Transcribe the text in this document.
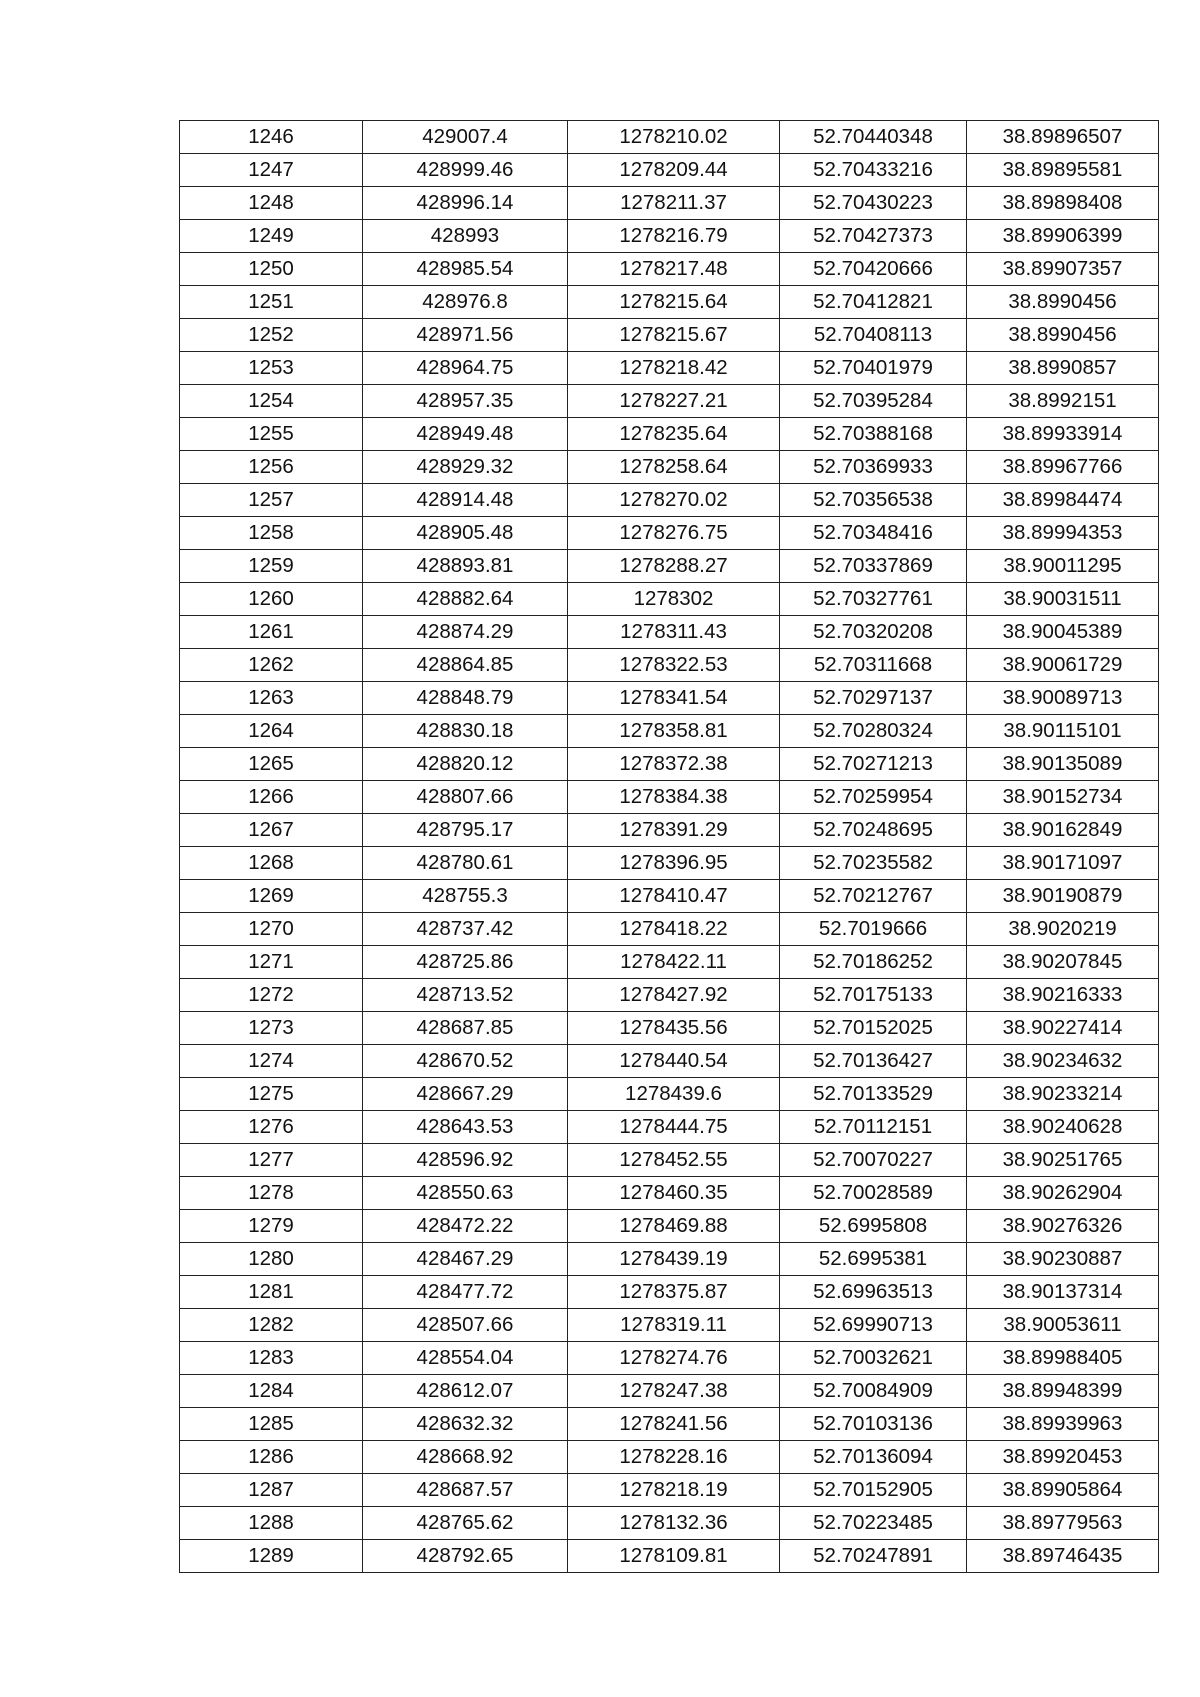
1246	429007.4	1278210.02	52.70440348	38.89896507
1247	428999.46	1278209.44	52.70433216	38.89895581
1248	428996.14	1278211.37	52.70430223	38.89898408
1249	428993	1278216.79	52.70427373	38.89906399
1250	428985.54	1278217.48	52.70420666	38.89907357
1251	428976.8	1278215.64	52.70412821	38.8990456
1252	428971.56	1278215.67	52.70408113	38.8990456
1253	428964.75	1278218.42	52.70401979	38.8990857
1254	428957.35	1278227.21	52.70395284	38.8992151
1255	428949.48	1278235.64	52.70388168	38.89933914
1256	428929.32	1278258.64	52.70369933	38.89967766
1257	428914.48	1278270.02	52.70356538	38.89984474
1258	428905.48	1278276.75	52.70348416	38.89994353
1259	428893.81	1278288.27	52.70337869	38.90011295
1260	428882.64	1278302	52.70327761	38.90031511
1261	428874.29	1278311.43	52.70320208	38.90045389
1262	428864.85	1278322.53	52.70311668	38.90061729
1263	428848.79	1278341.54	52.70297137	38.90089713
1264	428830.18	1278358.81	52.70280324	38.90115101
1265	428820.12	1278372.38	52.70271213	38.90135089
1266	428807.66	1278384.38	52.70259954	38.90152734
1267	428795.17	1278391.29	52.70248695	38.90162849
1268	428780.61	1278396.95	52.70235582	38.90171097
1269	428755.3	1278410.47	52.70212767	38.90190879
1270	428737.42	1278418.22	52.7019666	38.9020219
1271	428725.86	1278422.11	52.70186252	38.90207845
1272	428713.52	1278427.92	52.70175133	38.90216333
1273	428687.85	1278435.56	52.70152025	38.90227414
1274	428670.52	1278440.54	52.70136427	38.90234632
1275	428667.29	1278439.6	52.70133529	38.90233214
1276	428643.53	1278444.75	52.70112151	38.90240628
1277	428596.92	1278452.55	52.70070227	38.90251765
1278	428550.63	1278460.35	52.70028589	38.90262904
1279	428472.22	1278469.88	52.6995808	38.90276326
1280	428467.29	1278439.19	52.6995381	38.90230887
1281	428477.72	1278375.87	52.69963513	38.90137314
1282	428507.66	1278319.11	52.69990713	38.90053611
1283	428554.04	1278274.76	52.70032621	38.89988405
1284	428612.07	1278247.38	52.70084909	38.89948399
1285	428632.32	1278241.56	52.70103136	38.89939963
1286	428668.92	1278228.16	52.70136094	38.89920453
1287	428687.57	1278218.19	52.70152905	38.89905864
1288	428765.62	1278132.36	52.70223485	38.89779563
1289	428792.65	1278109.81	52.70247891	38.89746435
